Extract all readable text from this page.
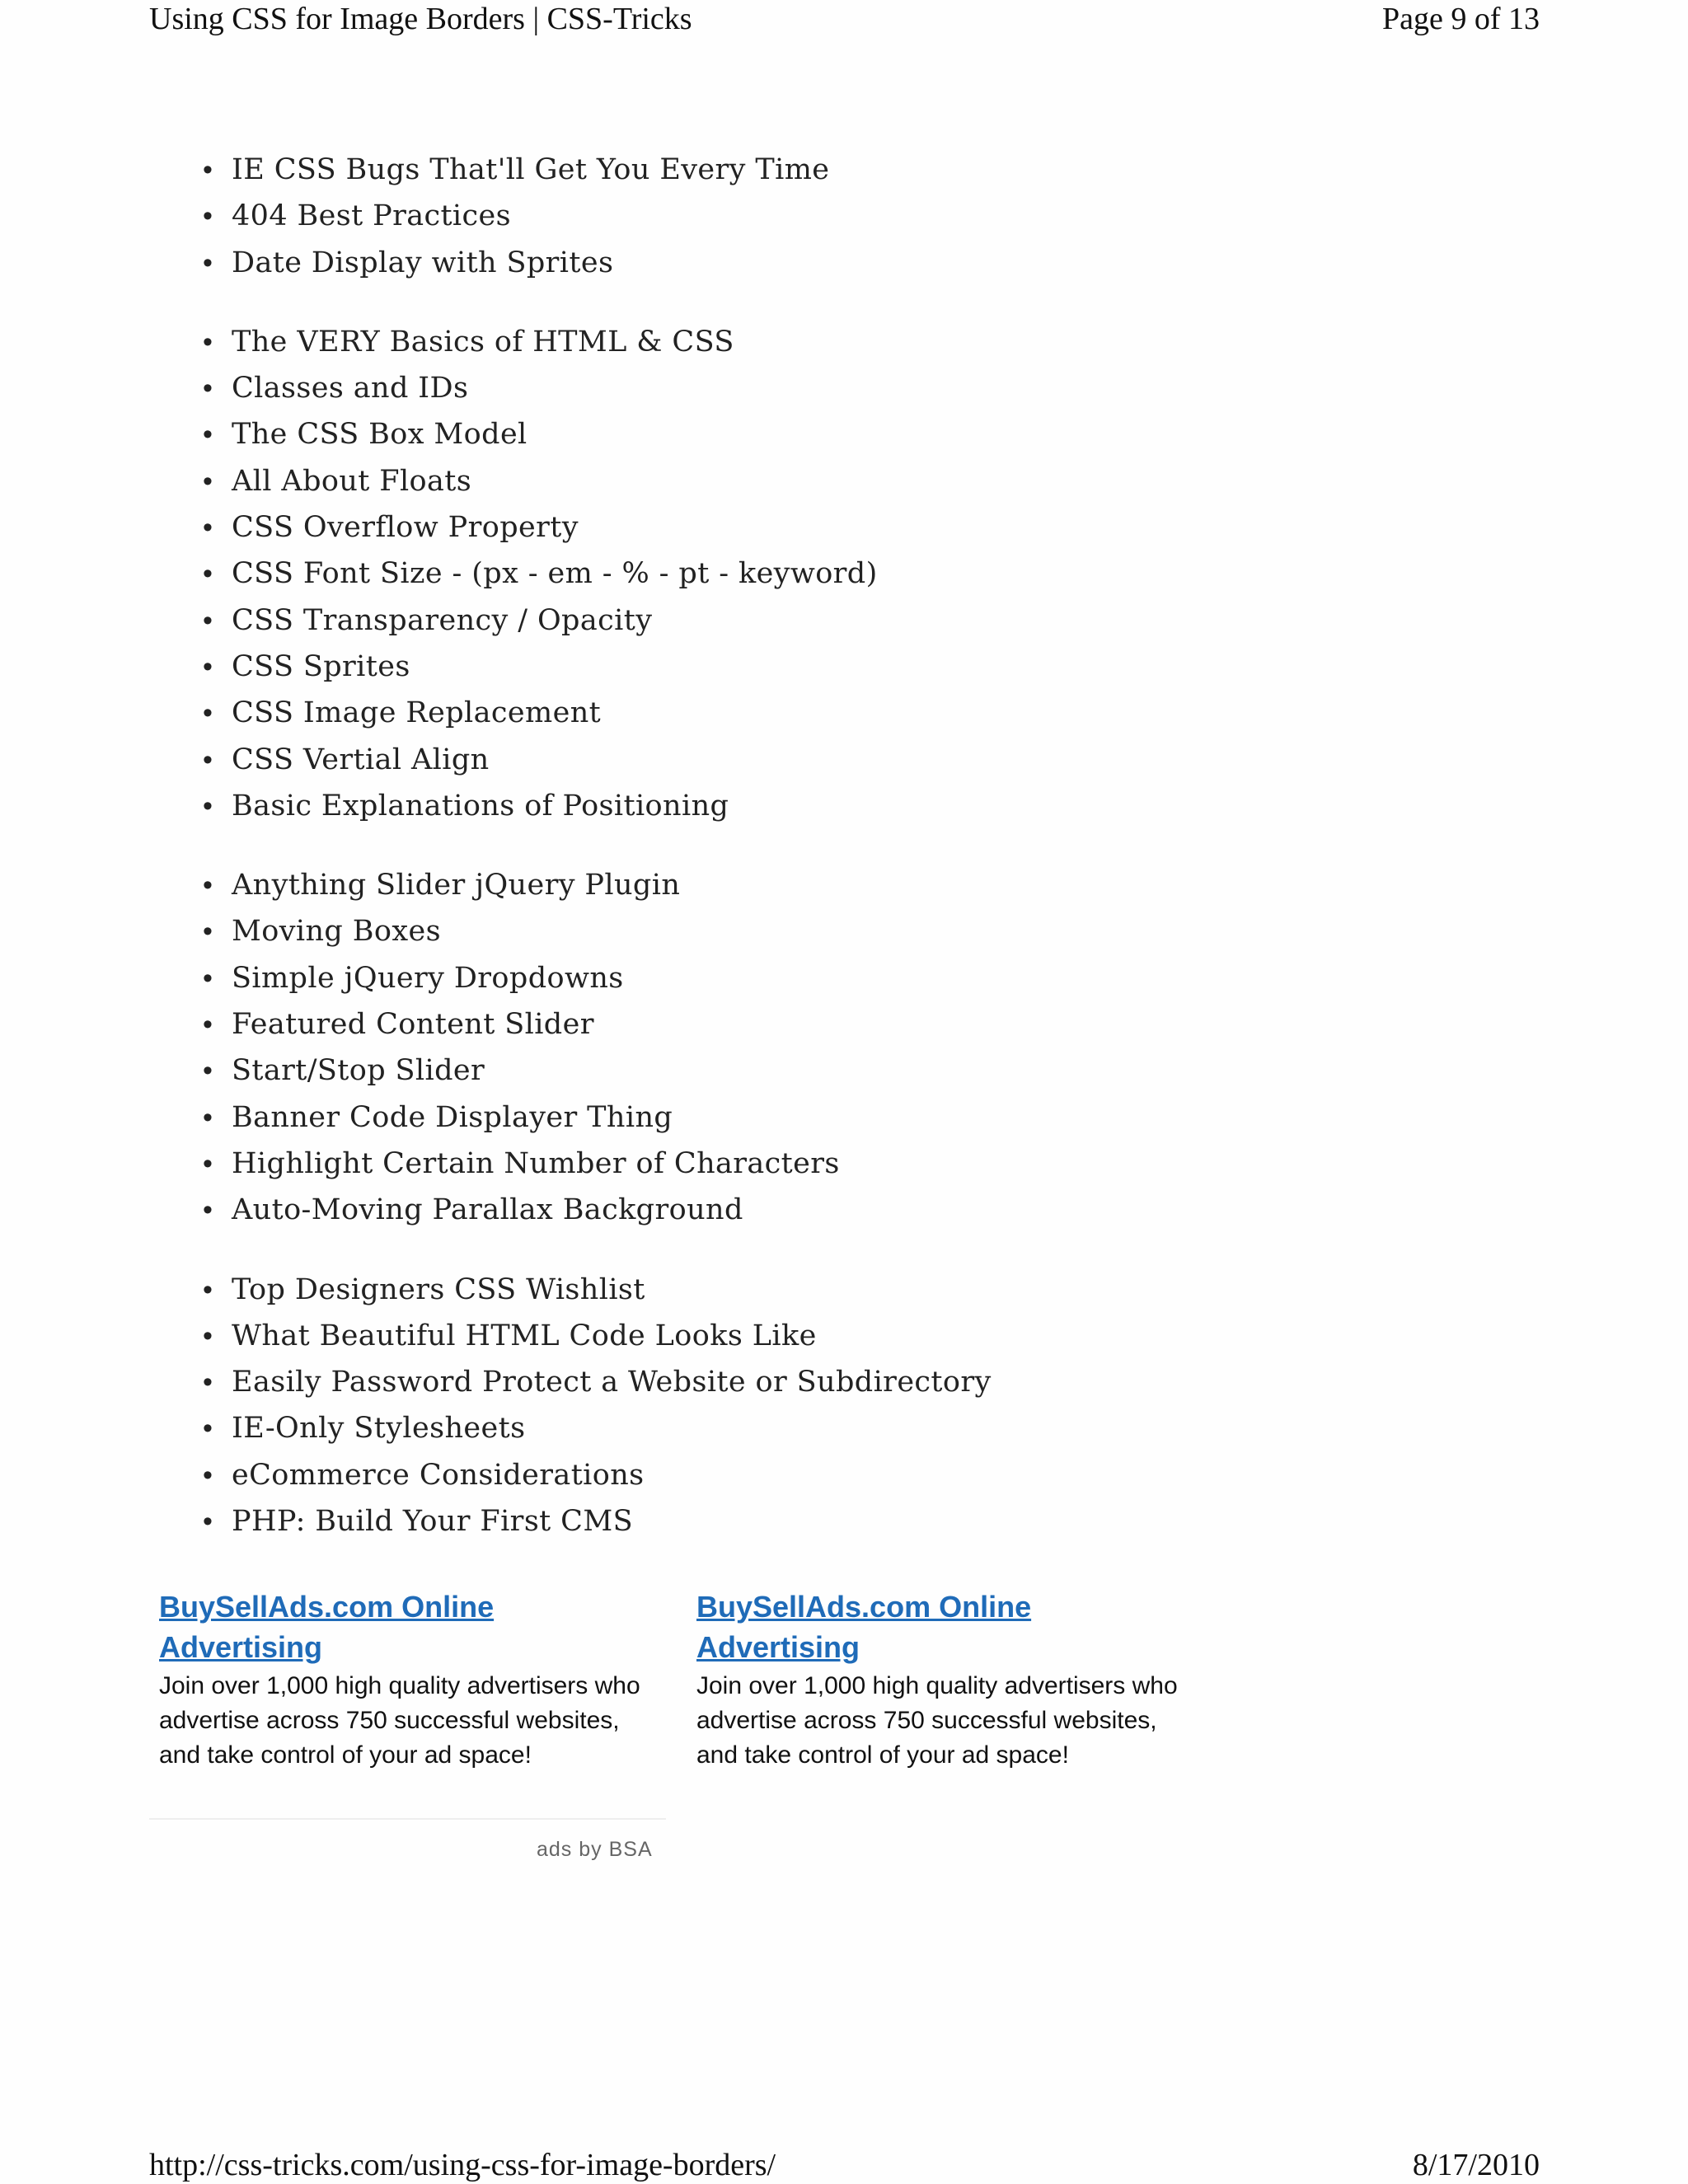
Using CSS for Image Borders | CSS-Tricks	Page 9 of 13
• IE CSS Bugs That'll Get You Every Time
• 404 Best Practices
• Date Display with Sprites
• The VERY Basics of HTML & CSS
• Classes and IDs
• The CSS Box Model
• All About Floats
• CSS Overflow Property
• CSS Font Size - (px - em - % - pt - keyword)
• CSS Transparency / Opacity
• CSS Sprites
• CSS Image Replacement
• CSS Vertial Align
• Basic Explanations of Positioning
• Anything Slider jQuery Plugin
• Moving Boxes
• Simple jQuery Dropdowns
• Featured Content Slider
• Start/Stop Slider
• Banner Code Displayer Thing
• Highlight Certain Number of Characters
• Auto-Moving Parallax Background
• Top Designers CSS Wishlist
• What Beautiful HTML Code Looks Like
• Easily Password Protect a Website or Subdirectory
• IE-Only Stylesheets
• eCommerce Considerations
• PHP: Build Your First CMS
BuySellAds.com Online Advertising
Join over 1,000 high quality advertisers who advertise across 750 successful websites, and take control of your ad space!
BuySellAds.com Online Advertising
Join over 1,000 high quality advertisers who advertise across 750 successful websites, and take control of your ad space!
ads by BSA
http://css-tricks.com/using-css-for-image-borders/	8/17/2010
